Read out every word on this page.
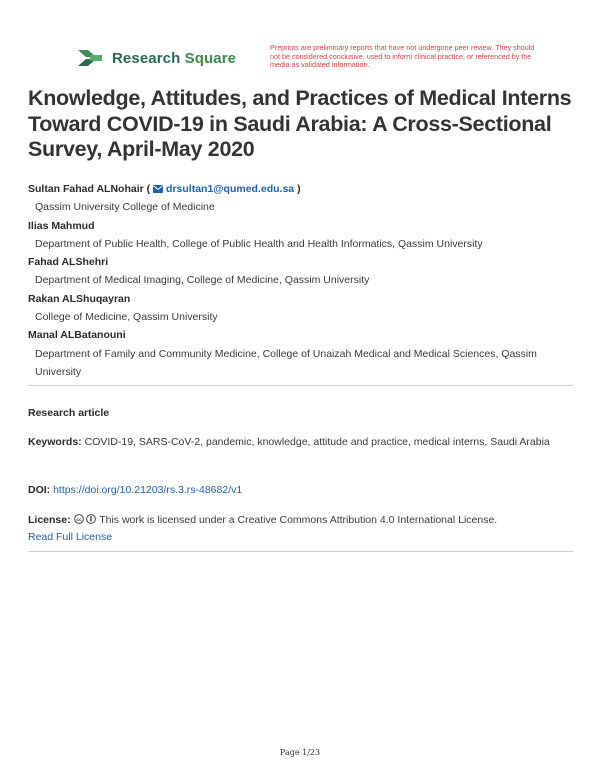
Research Square
Preprints are preliminary reports that have not undergone peer review. They should not be considered conclusive, used to inform clinical practice, or referenced by the media as validated information.
Knowledge, Attitudes, and Practices of Medical Interns Toward COVID-19 in Saudi Arabia: A Cross-Sectional Survey, April-May 2020
Sultan Fahad ALNohair ( drsultan1@qumed.edu.sa )
Qassim University College of Medicine
Ilias Mahmud
Department of Public Health, College of Public Health and Health Informatics, Qassim University
Fahad ALShehri
Department of Medical Imaging, College of Medicine, Qassim University
Rakan ALShuqayran
College of Medicine, Qassim University
Manal ALBatanouni
Department of Family and Community Medicine, College of Unaizah Medical and Medical Sciences, Qassim University
Research article
Keywords: COVID-19, SARS-CoV-2, pandemic, knowledge, attitude and practice, medical interns, Saudi Arabia
DOI: https://doi.org/10.21203/rs.3.rs-48682/v1
License: cc This work is licensed under a Creative Commons Attribution 4.0 International License.
Read Full License
Page 1/23
